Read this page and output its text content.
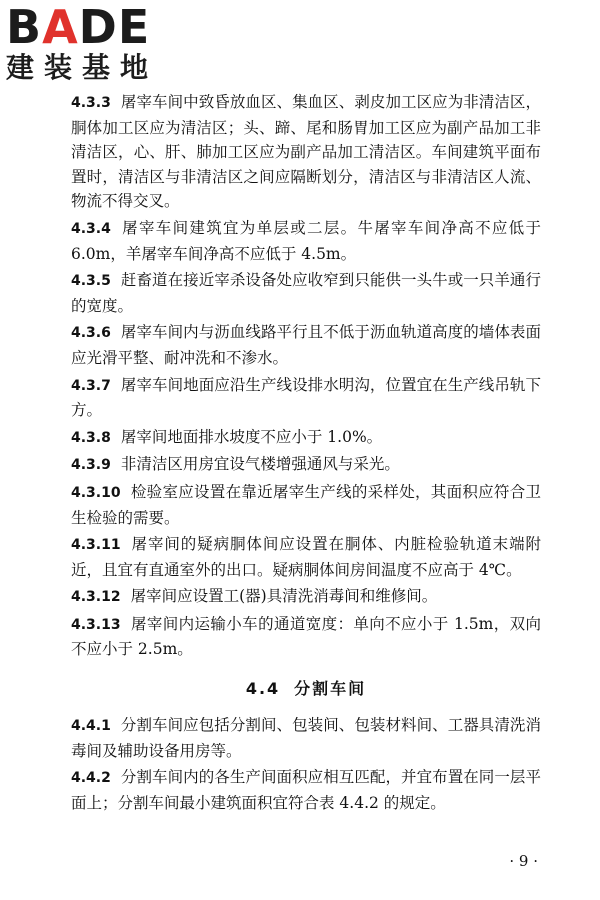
BADE
建装基地

4.3.3 屠宰车间中致昏放血区、集血区、剥皮加工区应为非清洁区，胴体加工区应为清洁区；头、蹄、尾和肠胃加工区应为副产品加工非清洁区，心、肝、肺加工区应为副产品加工清洁区。车间建筑平面布置时，清洁区与非清洁区之间应隔断划分，清洁区与非清洁区人流、物流不得交叉。

4.3.4 屠宰车间建筑宜为单层或二层。牛屠宰车间净高不应低于 6.0m，羊屠宰车间净高不应低于 4.5m。

4.3.5 赶畜道在接近宰杀设备处应收窄到只能供一头牛或一只羊通行的宽度。

4.3.6 屠宰车间内与沥血线路平行且不低于沥血轨道高度的墙体表面应光滑平整、耐冲洗和不渗水。

4.3.7 屠宰车间地面应沿生产线设排水明沟，位置宜在生产线吊轨下方。

4.3.8 屠宰间地面排水坡度不应小于 1.0%。

4.3.9 非清洁区用房宜设气楼增强通风与采光。

4.3.10 检验室应设置在靠近屠宰生产线的采样处，其面积应符合卫生检验的需要。

4.3.11 屠宰间的疑病胴体间应设置在胴体、内脏检验轨道末端附近，且宜有直通室外的出口。疑病胴体间房间温度不应高于 4℃。

4.3.12 屠宰间应设置工(器)具清洗消毒间和维修间。

4.3.13 屠宰间内运输小车的通道宽度：单向不应小于 1.5m，双向不应小于 2.5m。

4.4 分割车间

4.4.1 分割车间应包括分割间、包装间、包装材料间、工器具清洗消毒间及辅助设备用房等。

4.4.2 分割车间内的各生产间面积应相互匹配，并宜布置在同一层平面上；分割车间最小建筑面积宜符合表 4.4.2 的规定。

· 9 ·
